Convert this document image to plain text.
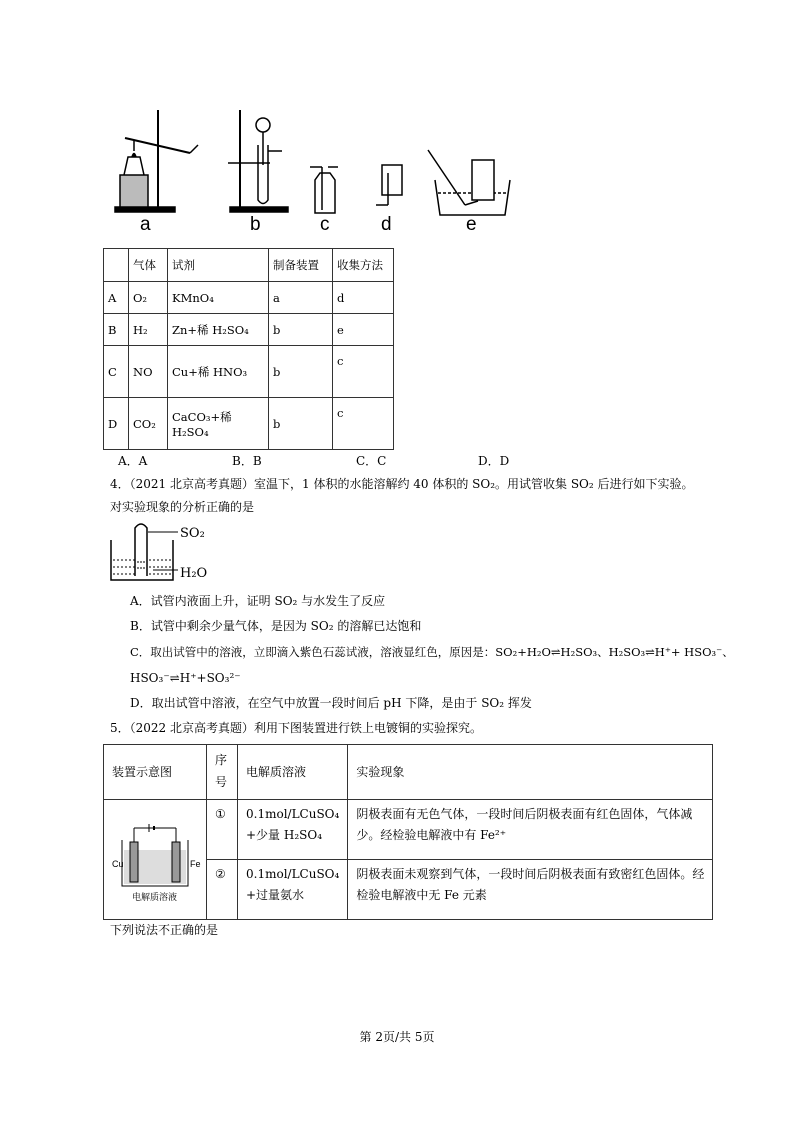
a	b	c	d	e
	气体	试剂	制备装置	收集方法
A	O₂	KMnO₄	a	d
B	H₂	Zn+稀 H₂SO₄	b	e
C	NO	Cu+稀 HNO₃	b	c
D	CO₂	CaCO₃+稀 H₂SO₄	b	c
A．A	B．B	C．C	D．D
4．（2021 北京高考真题）室温下，1 体积的水能溶解约 40 体积的 SO₂。用试管收集 SO₂ 后进行如下实验。
对实验现象的分析正确的是
SO₂
H₂O
A．试管内液面上升，证明 SO₂ 与水发生了反应
B．试管中剩余少量气体，是因为 SO₂ 的溶解已达饱和
C．取出试管中的溶液，立即滴入紫色石蕊试液，溶液显红色，原因是：SO₂+H₂O⇌H₂SO₃、H₂SO₃⇌H⁺+ HSO₃⁻、
HSO₃⁻⇌H⁺+SO₃²⁻
D．取出试管中溶液，在空气中放置一段时间后 pH 下降，是由于 SO₂ 挥发
5．（2022 北京高考真题）利用下图装置进行铁上电镀铜的实验探究。
装置示意图	序号	电解质溶液	实验现象

Cu Fe
电解质溶液	①	0.1mol/LCuSO₄ +少量 H₂SO₄	阴极表面有无色气体，一段时间后阴极表面有红色固体，气体减少。经检验电解液中有 Fe²⁺
	②	0.1mol/LCuSO₄ +过量氨水	阴极表面未观察到气体，一段时间后阴极表面有致密红色固体。经检验电解液中无 Fe 元素
下列说法不正确的是
第 2页/共 5页
